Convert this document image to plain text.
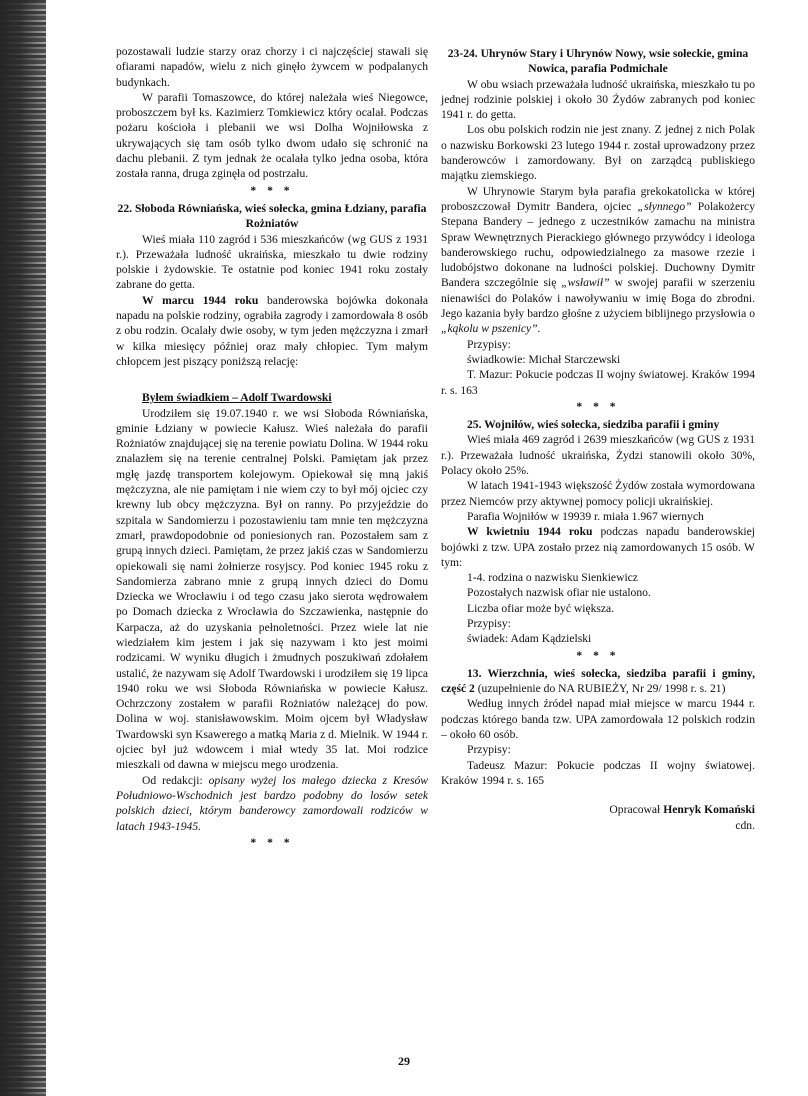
pozostawali ludzie starzy oraz chorzy i ci najczęściej stawali się ofiarami napadów, wielu z nich ginęło żywcem w podpalanych budynkach.

W parafii Tomaszowce, do której należała wieś Niegowce, proboszczem był ks. Kazimierz Tomkiewicz który ocalał. Podczas pożaru kościoła i plebanii we wsi Dolha Wojniłowska z ukrywających się tam osób tylko dwom udało się schronić na dachu plebanii. Z tym jednak że ocalała tylko jedna osoba, która została ranna, druga zginęła od postrzału.

* * *

22. Słoboda Równiańska, wieś sołecka, gmina Łdziany, parafia Rożniatów

Wieś miała 110 zagród i 536 mieszkańców (wg GUS z 1931 r.). Przeważała ludność ukraińska, mieszkało tu dwie rodziny polskie i żydowskie. Te ostatnie pod koniec 1941 roku zostały zabrane do getta.

W marcu 1944 roku banderowska bojówka dokonała napadu na polskie rodziny, ograbiła zagrody i zamordowała 8 osób z obu rodzin. Ocalały dwie osoby, w tym jeden mężczyzna i zmarł w kilka miesięcy później oraz mały chłopiec. Tym małym chłopcem jest piszący poniższą relację:

Byłem świadkiem – Adolf Twardowski

Urodziłem się 19.07.1940 r. we wsi Słoboda Równiańska, gminie Łdziany w powiecie Kałusz. Wieś należała do parafii Rożniatów znajdującej się na terenie powiatu Dolina. W 1944 roku znalazłem się na terenie centralnej Polski. Pamiętam jak przez mgłę jazdę transportem kolejowym. Opiekował się mną jakiś mężczyzna, ale nie pamiętam i nie wiem czy to był mój ojciec czy krewny lub obcy mężczyzna. Był on ranny. Po przyjeździe do szpitala w Sandomierzu i pozostawieniu tam mnie ten mężczyzna zmarł, prawdopodobnie od poniesionych ran. Pozostałem sam z grupą innych dzieci. Pamiętam, że przez jakiś czas w Sandomierzu opiekowali się nami żołnierze rosyjscy. Pod koniec 1945 roku z Sandomierza zabrano mnie z grupą innych dzieci do Domu Dziecka we Wrocławiu i od tego czasu jako sierota wędrowałem po Domach dziecka z Wrocławia do Szczawienka, następnie do Karpacza, aż do uzyskania pełnoletności. Przez wiele lat nie wiedziałem kim jestem i jak się nazywam i kto jest moimi rodzicami. W wyniku długich i żmudnych poszukiwań zdołałem ustalić, że nazywam się Adolf Twardowski i urodziłem się 19 lipca 1940 roku we wsi Słoboda Równiańska w powiecie Kałusz. Ochrzczony zostałem w parafii Rożniatów należącej do pow. Dolina w woj. stanisławowskim. Moim ojcem był Władysław Twardowski syn Ksawerego a matką Maria z d. Mielnik. W 1944 r. ojciec był już wdowcem i miał wtedy 35 lat. Moi rodzice mieszkali od dawna w miejscu mego urodzenia.

Od redakcji: opisany wyżej los małego dziecka z Kresów Południowo-Wschodnich jest bardzo podobny do losów setek polskich dzieci, którym banderowcy zamordowali rodziców w latach 1943-1945.

* * *

23-24. Uhrynów Stary i Uhrynów Nowy, wsie sołeckie, gmina Nowica, parafia Podmichale

W obu wsiach przeważała ludność ukraińska, mieszkało tu po jednej rodzinie polskiej i około 30 Żydów zabranych pod koniec 1941 r. do getta.

Los obu polskich rodzin nie jest znany. Z jednej z nich Polak o nazwisku Borkowski 23 lutego 1944 r. został uprowadzony przez banderowców i zamordowany. Był on zarządcą publiskiego majątku ziemskiego.

W Uhrynowie Starym była parafia grekokatolicka w której proboszczował Dymitr Bandera, ojciec „słynnego” Polakożercy Stepana Bandery – jednego z uczestników zamachu na ministra Spraw Wewnętrznych Pierackiego głównego przywódcy i ideologa banderowskiego ruchu, odpowiedzialnego za masowe rzezie i ludobójstwo dokonane na ludności polskiej. Duchowny Dymitr Bandera szczególnie się „wsławił” w swojej parafii w szerzeniu nienawiści do Polaków i nawoływaniu w imię Boga do zbrodni. Jego kazania były bardzo głośne z użyciem biblijnego przysłowia o „kąkolu w pszenicy”.

Przypisy:

świadkowie: Michał Starczewski

T. Mazur: Pokucie podczas II wojny światowej. Kraków 1994 r. s. 163

* * *

25. Wojniłów, wieś sołecka, siedziba parafii i gminy

Wieś miała 469 zagród i 2639 mieszkańców (wg GUS z 1931 r.). Przeważała ludność ukraińska, Żydzi stanowili około 30%, Polacy około 25%.

W latach 1941-1943 większość Żydów została wymordowana przez Niemców przy aktywnej pomocy policji ukraińskiej.

Parafia Wojniłów w 19939 r. miała 1.967 wiernych

W kwietniu 1944 roku podczas napadu banderowskiej bojówki z tzw. UPA zostało przez nią zamordowanych 15 osób. W tym:

1-4. rodzina o nazwisku Sienkiewicz

Pozostałych nazwisk ofiar nie ustalono.

Liczba ofiar może być większa.

Przypisy:

świadek: Adam Kądzielski

* * *

13. Wierzchnia, wieś sołecka, siedziba parafii i gminy, część 2 (uzupełnienie do NA RUBIEŻY, Nr 29/ 1998 r. s. 21)

Według innych źródeł napad miał miejsce w marcu 1944 r. podczas którego banda tzw. UPA zamordowała 12 polskich rodzin – około 60 osób.

Przypisy:

Tadeusz Mazur: Pokucie podczas II wojny światowej. Kraków 1994 r. s. 165

Opracował Henryk Komański

cdn.

29
